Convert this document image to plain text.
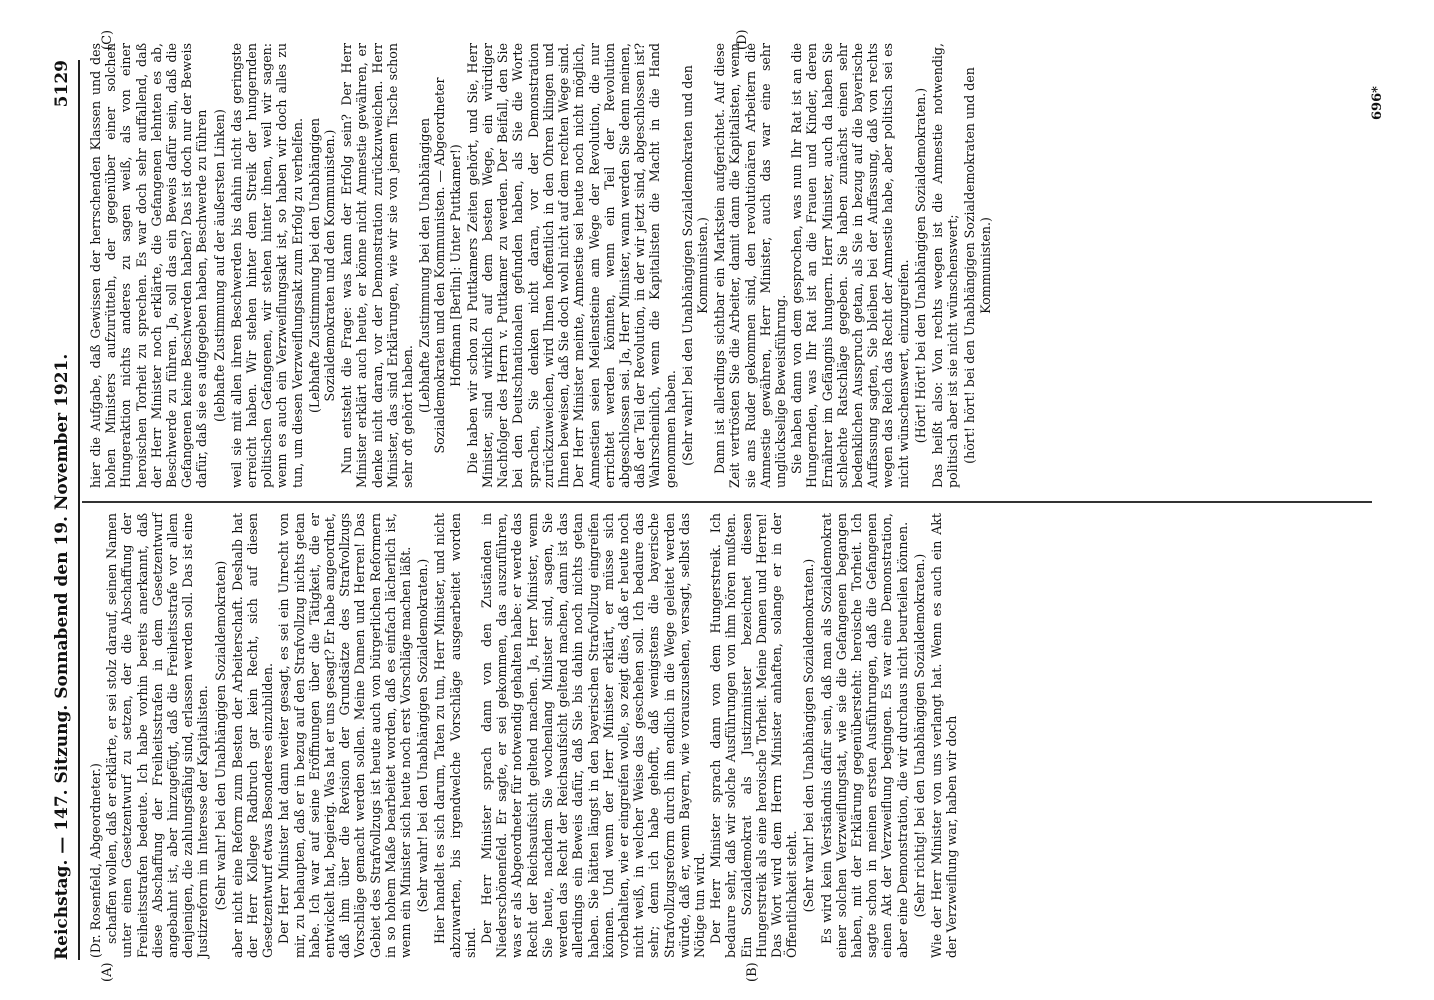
Reichstag. — 147. Sitzung. Sonnabend den 19. November 1921.
5129
(A)	(B)
(C)	(D)

(Dr. Rosenfeld, Abgeordneter.) schaffen wollen, daß er erklärte, er sei stolz darauf, seinen Namen unter einen Gesetzentwurf zu setzen, der die Abschaffung der Freiheitsstrafen bedeute. Ich habe vorhin bereits anerkannt, daß diese Abschaffung der Freiheitsstrafen in dem Gesetzentwurf angebahnt ist, aber hinzugefügt, daß die Freiheitsstrafe vor allem denjenigen, die zahlungsfähig sind, erlassen werden soll. Das ist eine Justizreform im Interesse der Kapitalisten. (Sehr wahr! bei den Unabhängigen Sozialdemokraten) aber nicht eine Reform zum Besten der Arbeiterschaft. Deshalb hat der Herr Kollege Radbruch gar kein Recht, sich auf diesen Gesetzentwurf etwas Besonderes einzubilden. Der Herr Minister hat dann weiter gesagt, es sei ein Unrecht von mir, zu behaupten, daß er in bezug auf den Strafvollzug nichts getan habe. Ich war auf seine Eröffnungen über die Tätigkeit, die er entwickelt hat, begierig. Was hat er uns gesagt? Er habe angeordnet, daß ihm über die Revision der Grundsätze des Strafvollzugs Vorschläge gemacht werden sollen. Meine Damen und Herren! Das Gebiet des Strafvollzugs ist heute auch von bürgerlichen Reformern in so hohem Maße bearbeitet worden, daß es einfach lächerlich ist, wenn ein Minister sich heute noch erst Vorschläge machen läßt. (Sehr wahr! bei den Unabhängigen Sozialdemokraten.) Hier handelt es sich darum, Taten zu tun, Herr Minister, und nicht abzuwarten, bis irgendwelche Vorschläge ausgearbeitet worden sind. Der Herr Minister sprach dann von den Zuständen in Niederschönenfeld. Er sagte, er sei gekommen, das auszuführen, was er als Abgeordneter für notwendig gehalten habe: er werde das Recht der Reichsaufsicht geltend machen. Ja, Herr Minister, wenn Sie heute, nachdem Sie wochenlang Minister sind, sagen, Sie werden das Recht der Reichsaufsicht geltend machen, dann ist das allerdings ein Beweis dafür, daß Sie bis dahin noch nichts getan haben. Sie hätten längst in den bayerischen Strafvollzug eingreifen können. Und wenn der Herr Minister erklärt, er müsse sich vorbehalten, wie er eingreifen wolle, so zeigt dies, daß er heute noch nicht weiß, in welcher Weise das geschehen soll. Ich bedaure das sehr; denn ich habe gehofft, daß wenigstens die bayerische Strafvollzugsreform durch ihn endlich in die Wege geleitet werden würde, daß er, wenn Bayern, wie vorauszusehen, versagt, selbst das Nötige tun wird. Der Herr Minister sprach dann von dem Hungerstreik. Ich bedaure sehr, daß wir solche Ausführungen von ihm hören mußten. Ein Sozialdemokrat als Justizminister bezeichnet diesen Hungerstreik als eine heroische Torheit. Meine Damen und Herren! Das Wort wird dem Herrn Minister anhaften, solange er in der Öffentlichkeit steht. (Sehr wahr! bei den Unabhängigen Sozialdemokraten.) Es wird kein Verständnis dafür sein, daß man als Sozialdemokrat einer solchen Verzweiflungstat, wie sie die Gefangenen begangen haben, mit der Erklärung gegenübersteht: heroische Torheit. Ich sagte schon in meinen ersten Ausführungen, daß die Gefangenen einen Akt der Verzweiflung begingen. Es war eine Demonstration, aber eine Demonstration, die wir durchaus nicht beurteilen können. (Sehr richtig! bei den Unabhängigen Sozialdemokraten.) Wie der Herr Minister von uns verlangt hat. Wenn es auch ein Akt der Verzweiflung war, haben wir doch

hier die Aufgabe, daß Gewissen der herrschenden Klassen und des hohen Ministers aufzurütteln, der gegenüber einer solchen Hungeraktion nichts anderes zu sagen weiß, als von einer heroischen Torheit zu sprechen. Es war doch sehr auffallend, daß der Herr Minister noch erklärte, die Gefangenen lehnten es ab, Beschwerde zu führen. Ja, soll das ein Beweis dafür sein, daß die Gefangenen keine Beschwerden haben? Das ist doch nur der Beweis dafür, daß sie es aufgegeben haben, Beschwerde zu führen (lebhafte Zustimmung auf der äußersten Linken) weil sie mit allen ihren Beschwerden bis dahin nicht das geringste erreicht haben. Wir stehen hinter dem Streik der hungernden politischen Gefangenen, wir stehen hinter ihnen, weil wir sagen: wenn es auch ein Verzweiflungsakt ist, so haben wir doch alles zu tun, um diesen Verzweiflungsakt zum Erfolg zu verhelfen. (Lebhafte Zustimmung bei den Unabhängigen Sozialdemokraten und den Kommunisten.) Nun entsteht die Frage: was kann der Erfolg sein? Der Herr Minister erklärt auch heute, er könne nicht Amnestie gewähren, er denke nicht daran, vor der Demonstration zurückzuweichen. Herr Minister, das sind Erklärungen, wie wir sie von jenem Tische schon sehr oft gehört haben.

(Lebhafte Zustimmung bei den Unabhängigen Sozialdemokraten und den Kommunisten. — Abgeordneter Hoffmann [Berlin]: Unter Puttkamer!) Die haben wir schon zu Puttkamers Zeiten gehört, und Sie, Herr Minister, sind wirklich auf dem besten Wege, ein würdiger Nachfolger des Herrn v. Puttkamer zu werden. Der Beifall, den Sie bei den Deutschnationalen gefunden haben, als Sie die Worte sprachen, Sie denken nicht daran, vor der Demonstration zurückzuweichen, wird Ihnen hoffentlich in den Ohren klingen und Ihnen beweisen, daß Sie doch wohl nicht auf dem rechten Wege sind. Der Herr Minister meinte, Amnestie sei heute noch nicht möglich, Amnestien seien Meilensteine am Wege der Revolution, die nur errichtet werden könnten, wenn ein Teil der Revolution abgeschlossen sei. Ja, Herr Minister, wann werden Sie denn meinen, daß der Teil der Revolution, in der wir jetzt sind, abgeschlossen ist? Wahrscheinlich, wenn die Kapitalisten die Macht in die Hand genommen haben. (Sehr wahr! bei den Unabhängigen Sozialdemokraten und den Kommunisten.) Dann ist allerdings sichtbar ein Markstein aufgerichtet. Auf diese Zeit vertrösten Sie die Arbeiter, damit dann die Kapitalisten, wenn sie ans Ruder gekommen sind, den revolutionären Arbeitern die Amnestie gewähren, Herr Minister, auch das war eine sehr unglückselige Beweisführung. Sie haben dann von dem gesprochen, was nun Ihr Rat ist an die Hungernden, was Ihr Rat ist an die Frauen und Kinder, deren Ernährer im Gefängnis hungern. Herr Minister, auch da haben Sie schlechte Ratschläge gegeben. Sie haben zunächst einen sehr bedenklichen Ausspruch getan, als Sie in bezug auf die bayerische Auffassung sagten, Sie bleiben bei der Auffassung, daß von rechts wegen das Reich das Recht der Amnestie habe, aber politisch sei es nicht wünschenswert, einzugreifen. (Hört! Hört! bei den Unabhängigen Sozialdemokraten.) Das heißt also: Von rechts wegen ist die Amnestie notwendig, politisch aber ist sie nicht wünschenswert; (hört! hört! bei den Unabhängigen Sozialdemokraten und den Kommunisten.)

696*
